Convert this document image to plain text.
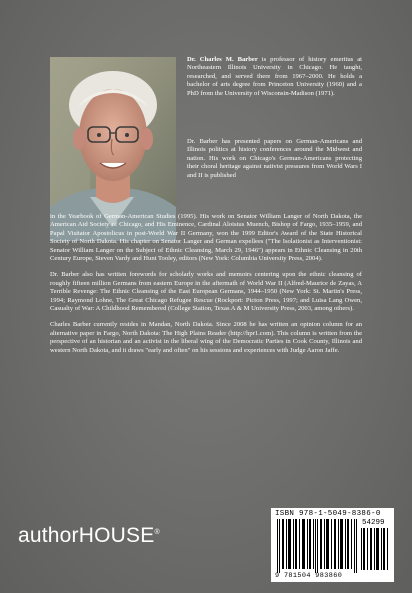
Dr. Charles M. Barber is professor of history emeritus at Northeastern Illinois University in Chicago. He taught, researched, and served there from 1967–2000. He holds a bachelor of arts degree from Princeton University (1960) and a PhD from the University of Wisconsin-Madison (1971).
Dr. Barber has presented papers on German-Americans and Illinois politics at history conferences around the Midwest and nation. His work on Chicago's German-Americans protecting their choral heritage against nativist pressures from World Wars I and II is published

in the Yearbook of German-American Studies (1995). His work on Senator William Langer of North Dakota, the American Aid Society of Chicago, and His Eminence, Cardinal Aloisius Muench, Bishop of Fargo, 1935–1959, and Papal Visitator Apostolicus in post-World War II Germany, won the 1999 Editor's Award of the State Historical Society of North Dakota. His chapter on Senator Langer and German expellees ("The Isolationist as Interventionist: Senator William Langer on the Subject of Ethnic Cleansing, March 29, 1946") appears in Ethnic Cleansing in 20th Century Europe, Steven Vardy and Hunt Tooley, editors (New York: Columbia University Press, 2004).

Dr. Barber also has written forewords for scholarly works and memoirs centering upon the ethnic cleansing of roughly fifteen million Germans from eastern Europe in the aftermath of World War II (Alfred-Maurice de Zayas, A Terrible Revenge: The Ethnic Cleansing of the East European Germans, 1944–1950 (New York: St. Martin's Press, 1994; Raymond Lohne, The Great Chicago Refugee Rescue (Rockport: Picton Press, 1997; and Luisa Lang Owen, Casualty of War: A Childhood Remembered (College Station, Texas A & M University Press, 2003, among others).

Charles Barber currently resides in Mandan, North Dakota. Since 2008 he has written an opinion column for an alternative paper in Fargo, North Dakota: The High Plains Reader (http://hpr1.com). This column is written from the perspective of an historian and an activist in the liberal wing of the Democratic Parties in Cook County, Illinois and western North Dakota, and it draws "early and often" on his sessions and experiences with Judge Aaron Jaffe.

authorHOUSE®
ISBN 978-1-5049-8386-0
54299
9 781504 983860
